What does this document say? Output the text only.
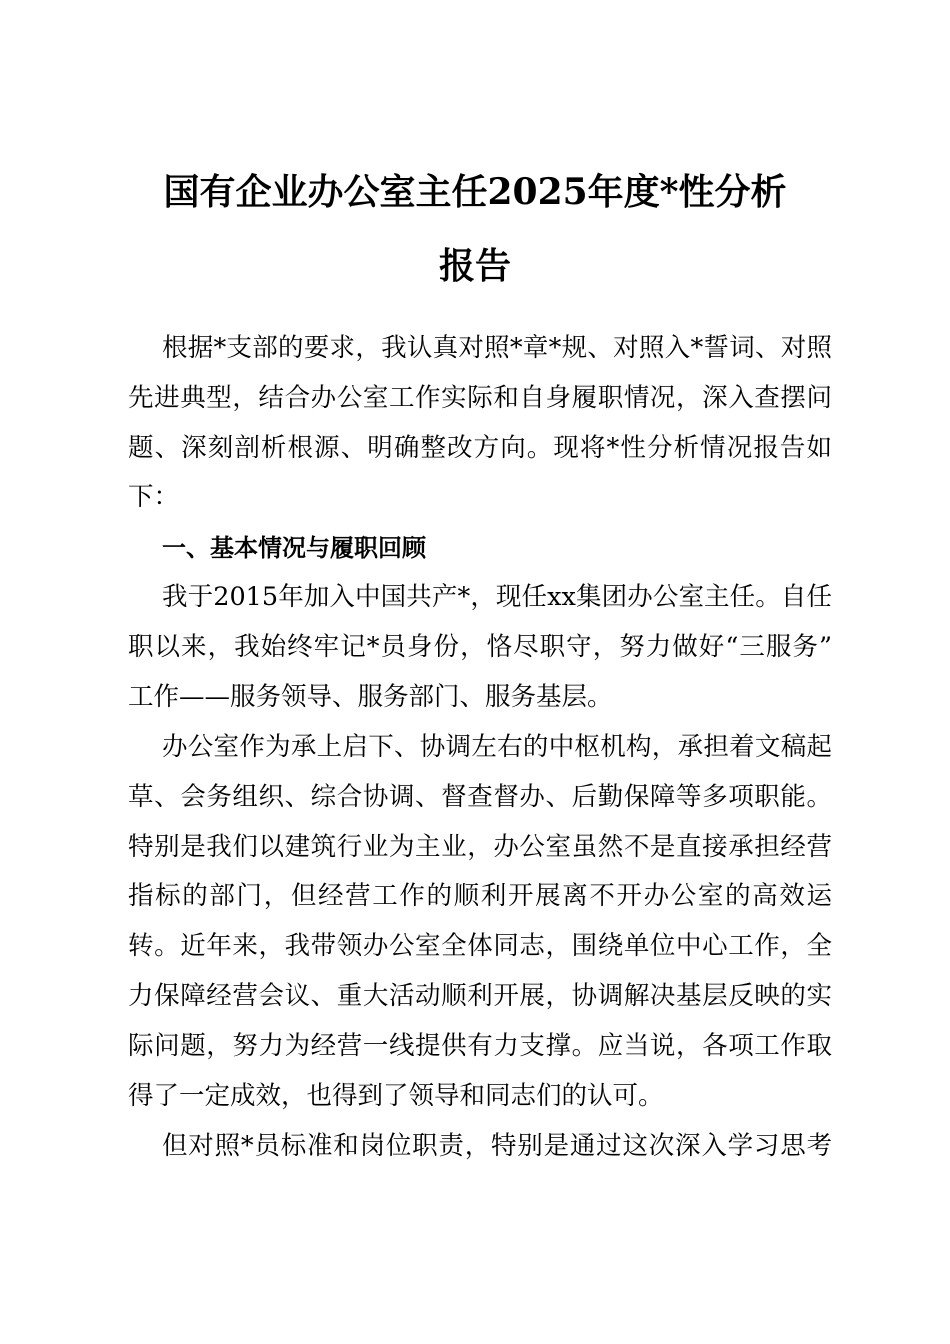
国有企业办公室主任2025年度*性分析
报告
根据*支部的要求，我认真对照*章*规、对照入*誓词、对照
先进典型，结合办公室工作实际和自身履职情况，深入查摆问
题、深刻剖析根源、明确整改方向。现将*性分析情况报告如
下：
一、基本情况与履职回顾
我于2015年加入中国共产*，现任xx集团办公室主任。自任
职以来，我始终牢记*员身份，恪尽职守，努力做好“三服务”
工作——服务领导、服务部门、服务基层。
办公室作为承上启下、协调左右的中枢机构，承担着文稿起
草、会务组织、综合协调、督查督办、后勤保障等多项职能。
特别是我们以建筑行业为主业，办公室虽然不是直接承担经营
指标的部门，但经营工作的顺利开展离不开办公室的高效运
转。近年来，我带领办公室全体同志，围绕单位中心工作，全
力保障经营会议、重大活动顺利开展，协调解决基层反映的实
际问题，努力为经营一线提供有力支撑。应当说，各项工作取
得了一定成效，也得到了领导和同志们的认可。
但对照*员标准和岗位职责，特别是通过这次深入学习思考
